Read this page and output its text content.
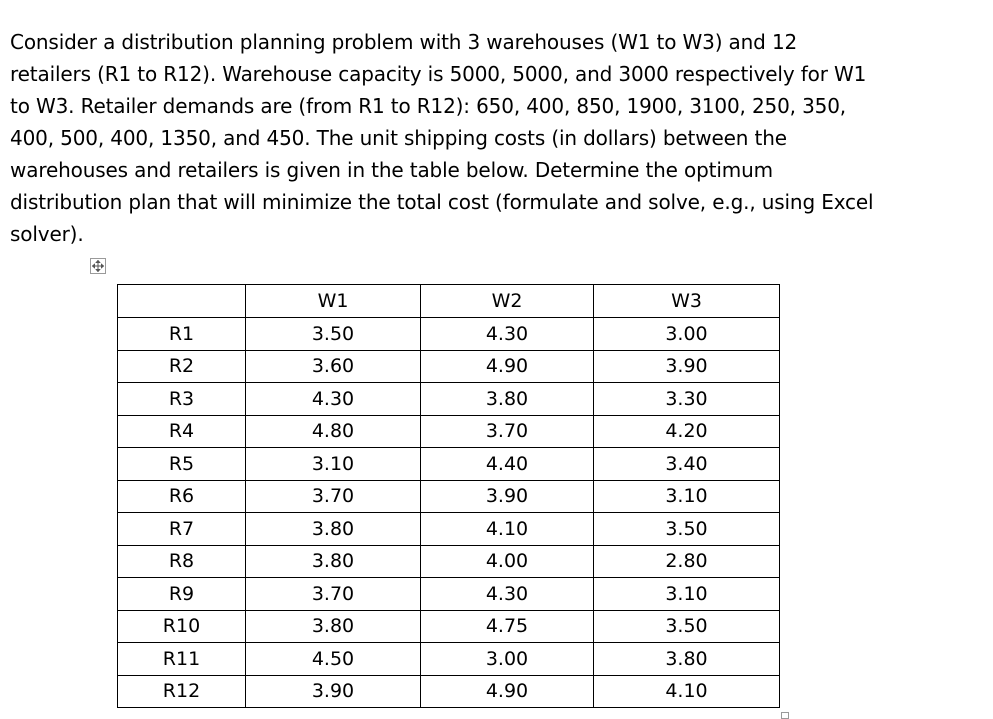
Consider a distribution planning problem with 3 warehouses (W1 to W3) and 12
retailers (R1 to R12). Warehouse capacity is 5000, 5000, and 3000 respectively for W1
to W3. Retailer demands are (from R1 to R12): 650, 400, 850, 1900, 3100, 250, 350,
400, 500, 400, 1350, and 450. The unit shipping costs (in dollars) between the
warehouses and retailers is given in the table below. Determine the optimum
distribution plan that will minimize the total cost (formulate and solve, e.g., using Excel
solver).

	W1	W2	W3
R1	3.50	4.30	3.00
R2	3.60	4.90	3.90
R3	4.30	3.80	3.30
R4	4.80	3.70	4.20
R5	3.10	4.40	3.40
R6	3.70	3.90	3.10
R7	3.80	4.10	3.50
R8	3.80	4.00	2.80
R9	3.70	4.30	3.10
R10	3.80	4.75	3.50
R11	4.50	3.00	3.80
R12	3.90	4.90	4.10
